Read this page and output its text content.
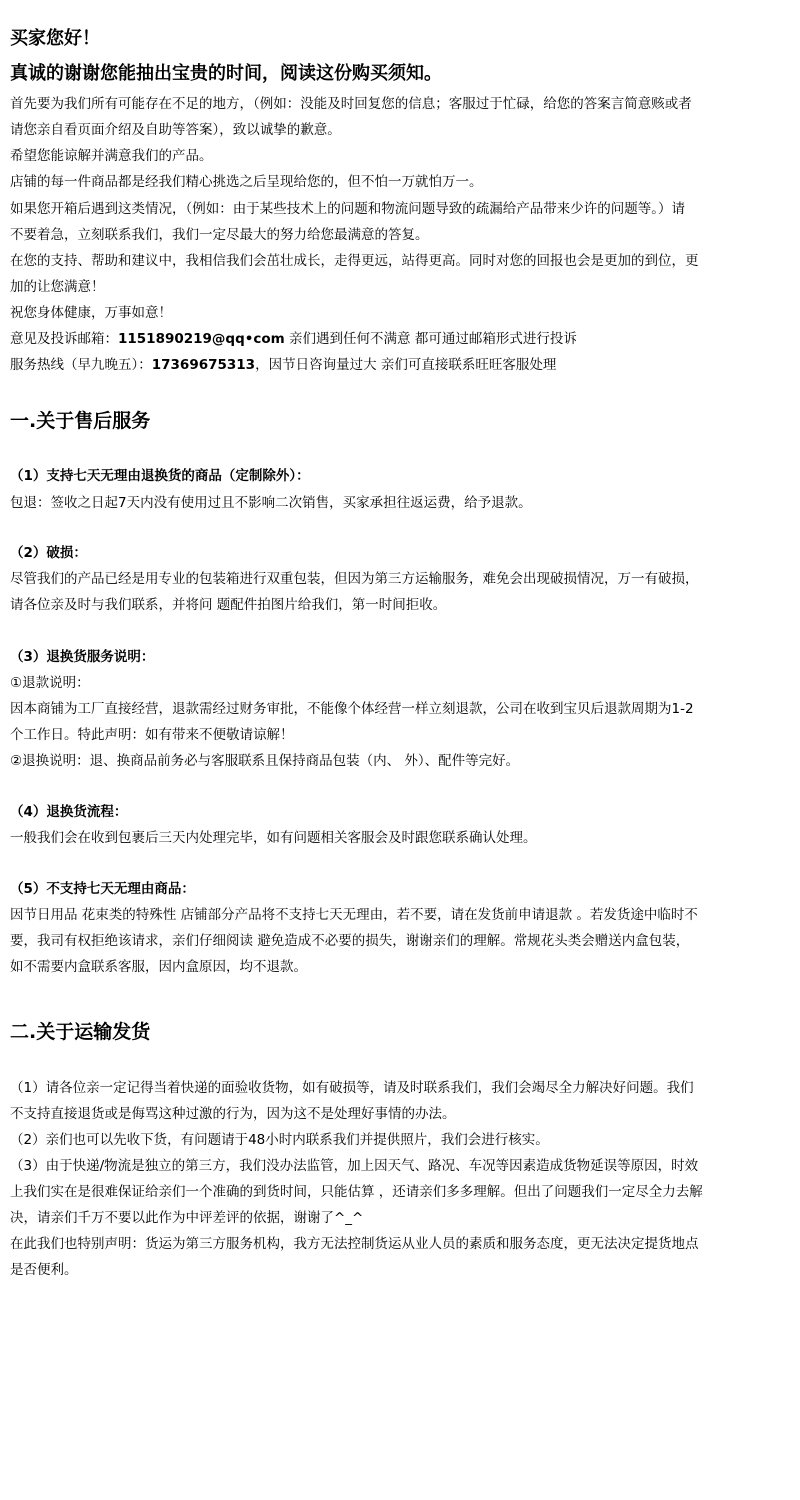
买家您好！
真诚的谢谢您能抽出宝贵的时间，阅读这份购买须知。
首先要为我们所有可能存在不足的地方，（例如：没能及时回复您的信息；客服过于忙碌，给您的答案言简意赅或者
请您亲自看页面介绍及自助等答案），致以诚挚的歉意。
希望您能谅解并满意我们的产品。
店铺的每一件商品都是经我们精心挑选之后呈现给您的，但不怕一万就怕万一。
如果您开箱后遇到这类情况，（例如：由于某些技术上的问题和物流问题导致的疏漏给产品带来少许的问题等。）请
不要着急，立刻联系我们，我们一定尽最大的努力给您最满意的答复。
在您的支持、帮助和建议中，我相信我们会茁壮成长，走得更远，站得更高。同时对您的回报也会是更加的到位，更
加的让您满意！
祝您身体健康，万事如意！
意见及投诉邮箱：1151890219@qq•com 亲们遇到任何不满意 都可通过邮箱形式进行投诉
服务热线（早九晚五）：17369675313，因节日咨询量过大 亲们可直接联系旺旺客服处理
一.关于售后服务
（1）支持七天无理由退换货的商品（定制除外）：
包退：签收之日起7天内没有使用过且不影响二次销售，买家承担往返运费，给予退款。
（2）破损：
尽管我们的产品已经是用专业的包装箱进行双重包装，但因为第三方运输服务，难免会出现破损情况，万一有破损，
请各位亲及时与我们联系，并将问 题配件拍图片给我们，第一时间拒收。
（3）退换货服务说明：
①退款说明：
因本商铺为工厂直接经营，退款需经过财务审批，不能像个体经营一样立刻退款，公司在收到宝贝后退款周期为1-2
个工作日。特此声明：如有带来不便敬请谅解！
②退换说明：退、换商品前务必与客服联系且保持商品包装（内、 外）、配件等完好。
（4）退换货流程：
一般我们会在收到包裹后三天内处理完毕，如有问题相关客服会及时跟您联系确认处理。
（5）不支持七天无理由商品：
因节日用品 花束类的特殊性 店铺部分产品将不支持七天无理由，若不要，请在发货前申请退款 。若发货途中临时不
要，我司有权拒绝该请求，亲们仔细阅读 避免造成不必要的损失，谢谢亲们的理解。常规花头类会赠送内盒包装，
如不需要内盒联系客服，因内盒原因，均不退款。
二.关于运输发货
（1）请各位亲一定记得当着快递的面验收货物，如有破损等，请及时联系我们，我们会竭尽全力解决好问题。我们
不支持直接退货或是侮骂这种过激的行为，因为这不是处理好事情的办法。
（2）亲们也可以先收下货，有问题请于48小时内联系我们并提供照片，我们会进行核实。
（3）由于快递/物流是独立的第三方，我们没办法监管，加上因天气、路况、车况等因素造成货物延误等原因，时效
上我们实在是很难保证给亲们一个准确的到货时间，只能估算 ，还请亲们多多理解。但出了问题我们一定尽全力去解
决，请亲们千万不要以此作为中评差评的依据，谢谢了^_^
在此我们也特别声明：货运为第三方服务机构，我方无法控制货运从业人员的素质和服务态度，更无法决定提货地点
是否便利。
